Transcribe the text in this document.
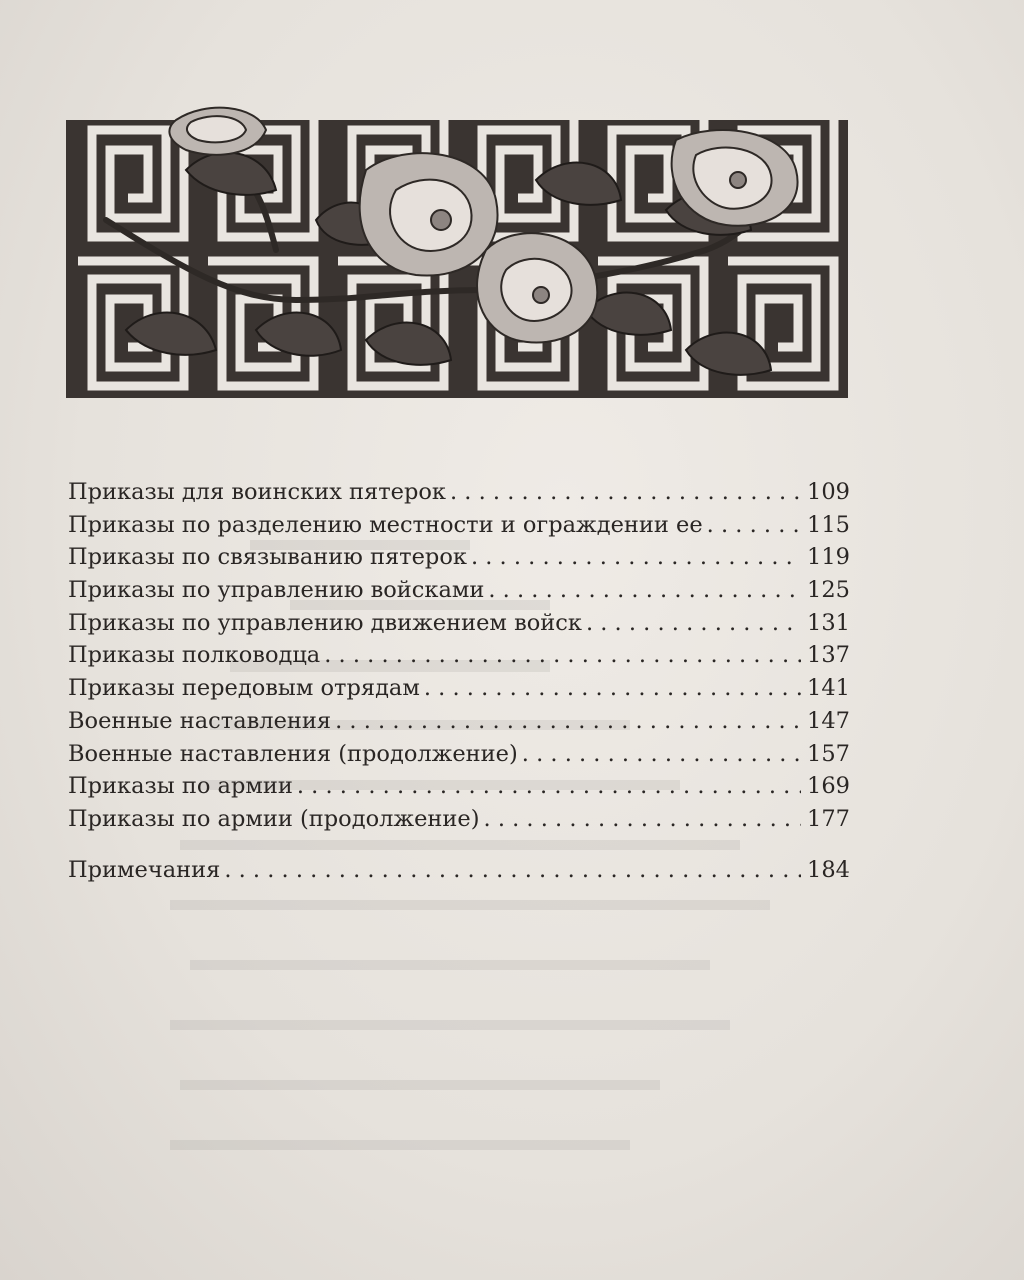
Приказы для воинских пятерок . . .	109
Приказы по разделению местности и ограждении ее . . .	115
Приказы по связыванию пятерок . . .	119
Приказы по управлению войсками . . .	125
Приказы по управлению движением войск . . .	131
Приказы полководца . . .	137
Приказы передовым отрядам . . .	141
Военные наставления . . .	147
Военные наставления (продолжение) . . .	157
Приказы по армии . . .	169
Приказы по армии (продолжение) . . .	177
Примечания . . .	184
